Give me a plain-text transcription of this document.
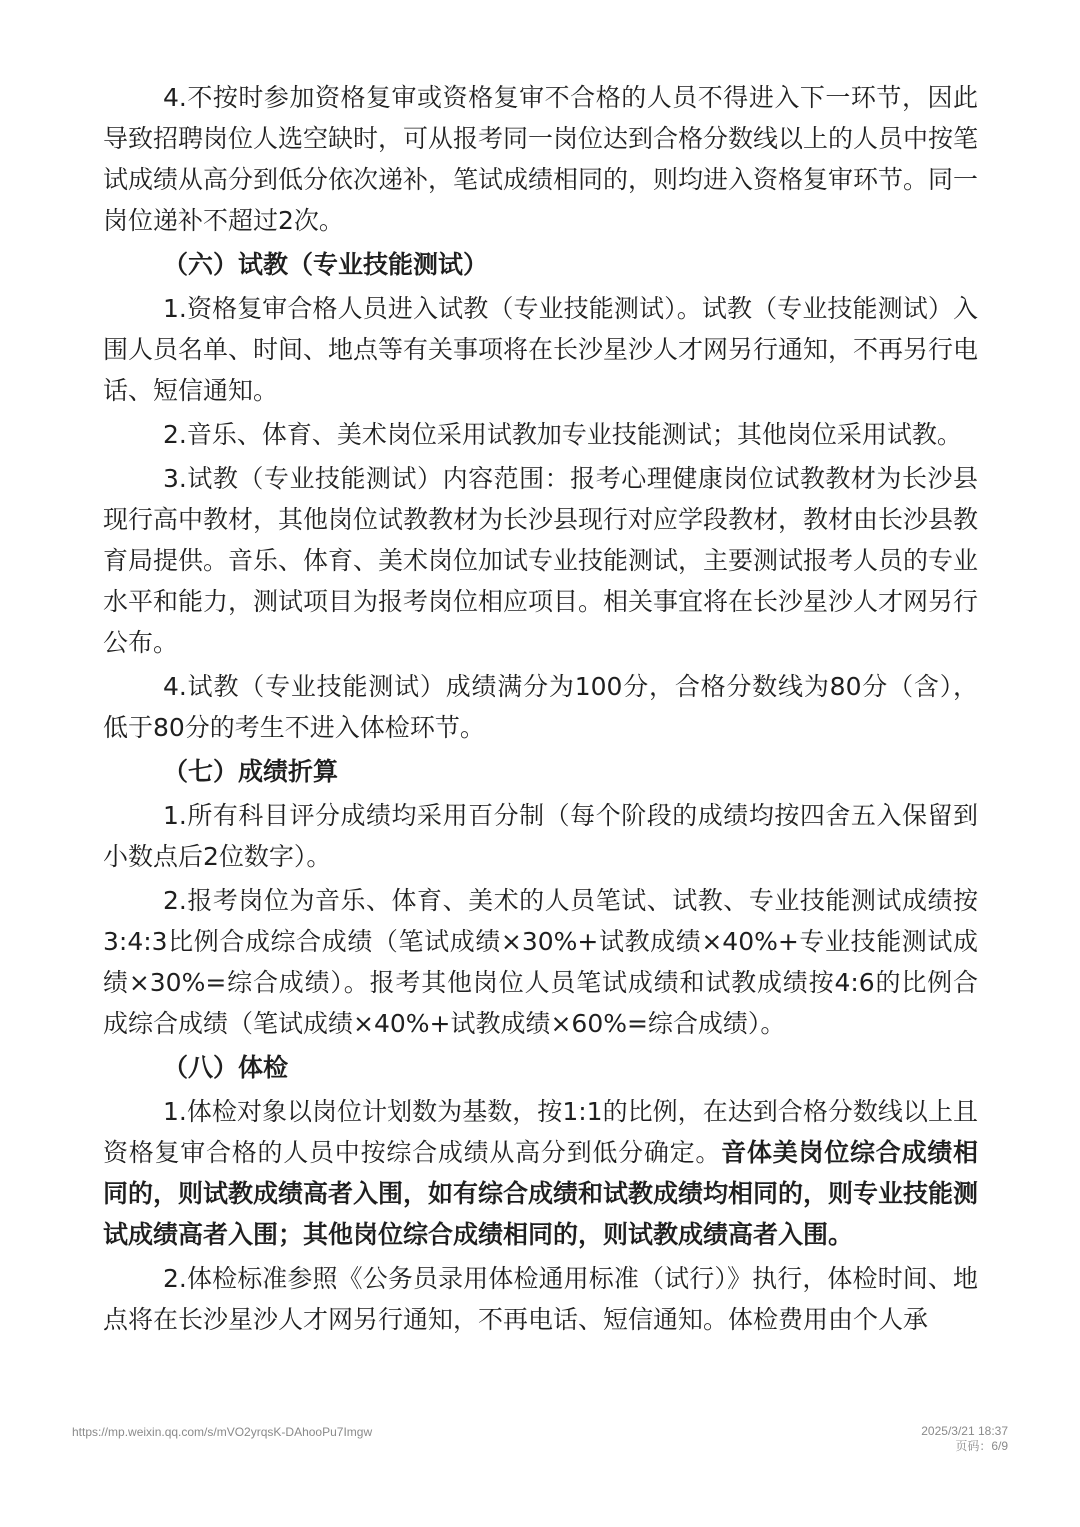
4.不按时参加资格复审或资格复审不合格的人员不得进入下一环节，因此导致招聘岗位人选空缺时，可从报考同一岗位达到合格分数线以上的人员中按笔试成绩从高分到低分依次递补，笔试成绩相同的，则均进入资格复审环节。同一岗位递补不超过2次。

（六）试教（专业技能测试）

1.资格复审合格人员进入试教（专业技能测试）。试教（专业技能测试）入围人员名单、时间、地点等有关事项将在长沙星沙人才网另行通知，不再另行电话、短信通知。

2.音乐、体育、美术岗位采用试教加专业技能测试；其他岗位采用试教。

3.试教（专业技能测试）内容范围：报考心理健康岗位试教教材为长沙县现行高中教材，其他岗位试教教材为长沙县现行对应学段教材，教材由长沙县教育局提供。音乐、体育、美术岗位加试专业技能测试，主要测试报考人员的专业水平和能力，测试项目为报考岗位相应项目。相关事宜将在长沙星沙人才网另行公布。

4.试教（专业技能测试）成绩满分为100分，合格分数线为80分（含），低于80分的考生不进入体检环节。

（七）成绩折算

1.所有科目评分成绩均采用百分制（每个阶段的成绩均按四舍五入保留到小数点后2位数字）。

2.报考岗位为音乐、体育、美术的人员笔试、试教、专业技能测试成绩按3:4:3比例合成综合成绩（笔试成绩×30%+试教成绩×40%+专业技能测试成绩×30%=综合成绩）。报考其他岗位人员笔试成绩和试教成绩按4:6的比例合成综合成绩（笔试成绩×40%+试教成绩×60%=综合成绩）。

（八）体检

1.体检对象以岗位计划数为基数，按1:1的比例，在达到合格分数线以上且资格复审合格的人员中按综合成绩从高分到低分确定。音体美岗位综合成绩相同的，则试教成绩高者入围，如有综合成绩和试教成绩均相同的，则专业技能测试成绩高者入围；其他岗位综合成绩相同的，则试教成绩高者入围。

2.体检标准参照《公务员录用体检通用标准（试行）》执行，体检时间、地点将在长沙星沙人才网另行通知，不再电话、短信通知。体检费用由个人承

https://mp.weixin.qq.com/s/mVO2yrqsK-DAhooPu7Imgw	2025/3/21 18:37
页码：6/9
